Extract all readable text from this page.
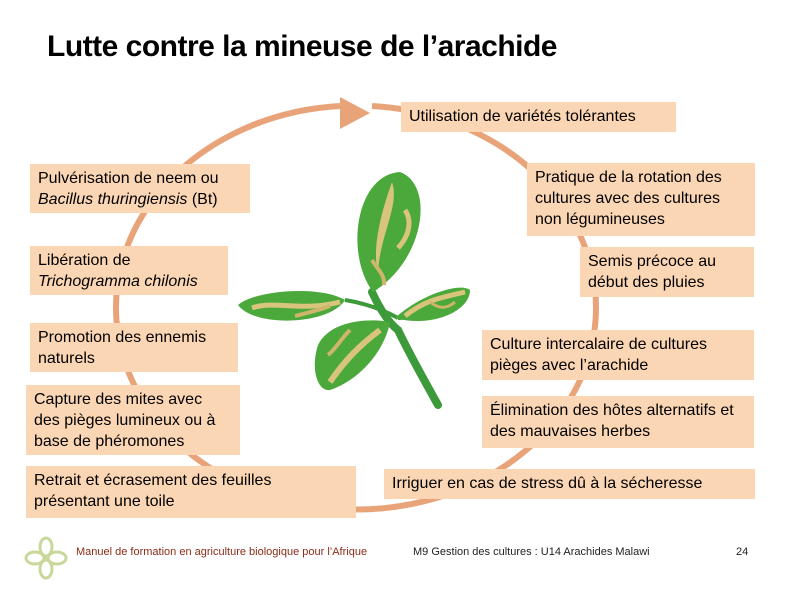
Lutte contre la mineuse de l’arachide
Pulvérisation de neem ou
Bacillus thuringiensis (Bt)
Libération de
Trichogramma chilonis
Promotion des ennemis naturels
Capture des mites avec des pièges lumineux ou à base de phéromones
Retrait et écrasement des feuilles présentant une toile
Utilisation de variétés tolérantes
Pratique de la rotation des cultures avec des cultures non légumineuses
Semis précoce au début des pluies
Culture intercalaire de cultures pièges avec l’arachide
Élimination des hôtes alternatifs et des mauvaises herbes
Irriguer en cas de stress dû à la sécheresse
Manuel de formation en agriculture biologique pour l’Afrique	M9 Gestion des cultures : U14 Arachides Malawi	24
